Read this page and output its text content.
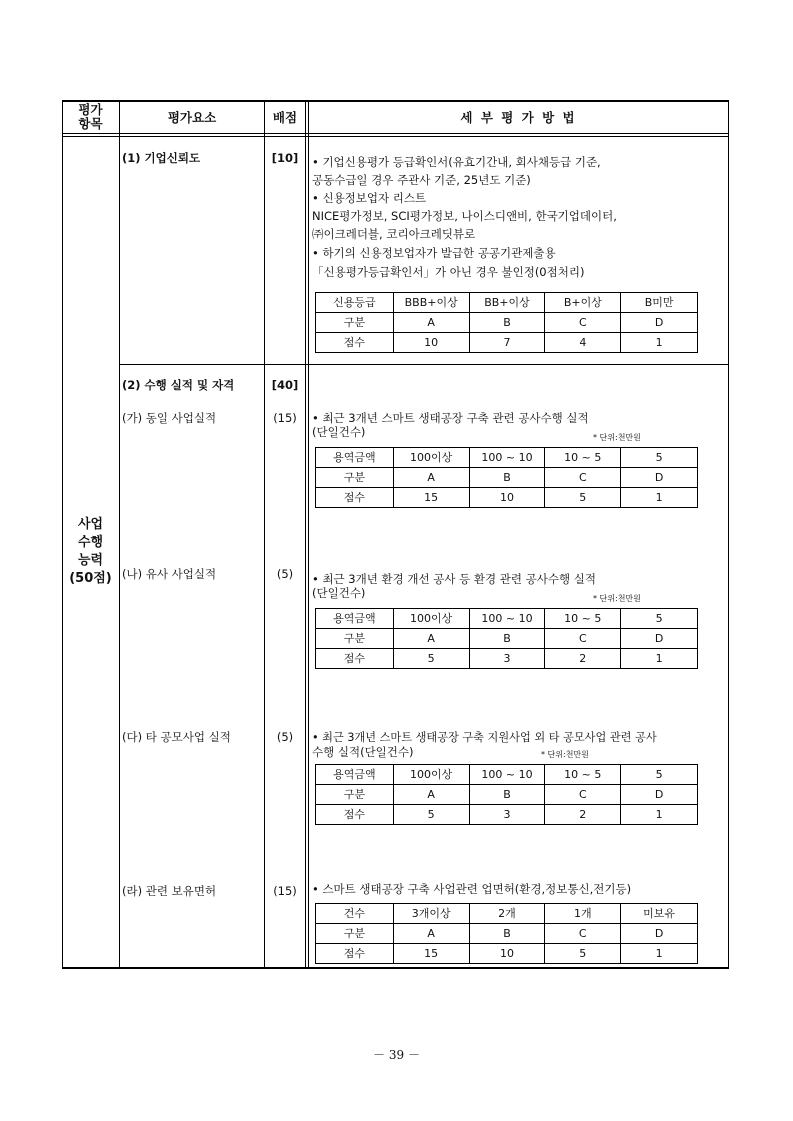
평가
항목	평가요소	배점	세 부 평 가 방 법
사업
수행
능력
(50점)
(1) 기업신뢰도	[10]	• 기업신용평가 등급확인서(유효기간내, 회사채등급 기준,
공동수급일 경우 주관사 기준, 25년도 기준)
• 신용정보업자 리스트
NICE평가정보, SCI평가정보, 나이스디앤비, 한국기업데이터,
㈜이크레더블, 코리아크레딧뷰로
• 하기의 신용정보업자가 발급한 공공기관제출용
「신용평가등급확인서」가 아닌 경우 불인정(0점처리)
신용등급	BBB+이상	BB+이상	B+이상	B미만
구분	A	B	C	D
점수	10	7	4	1
(2) 수행 실적 및 자격	[40]
(가) 동일 사업실적	(15)	• 최근 3개년 스마트 생태공장 구축 관련 공사수행 실적
(단일건수)	* 단위:천만원
용역금액	100이상	100 ~ 10	10 ~ 5	5
구분	A	B	C	D
점수	15	10	5	1
(나) 유사 사업실적	(5)	• 최근 3개년 환경 개선 공사 등 환경 관련 공사수행 실적
(단일건수)	* 단위:천만원
용역금액	100이상	100 ~ 10	10 ~ 5	5
구분	A	B	C	D
점수	5	3	2	1
(다) 타 공모사업 실적	(5)	• 최근 3개년 스마트 생태공장 구축 지원사업 외 타 공모사업 관련 공사
수행 실적(단일건수)	* 단위:천만원
용역금액	100이상	100 ~ 10	10 ~ 5	5
구분	A	B	C	D
점수	5	3	2	1
(라) 관련 보유면허	(15)	• 스마트 생태공장 구축 사업관련 업면허(환경,정보통신,전기등)
건수	3개이상	2개	1개	미보유
구분	A	B	C	D
점수	15	10	5	1
－ 39 －
